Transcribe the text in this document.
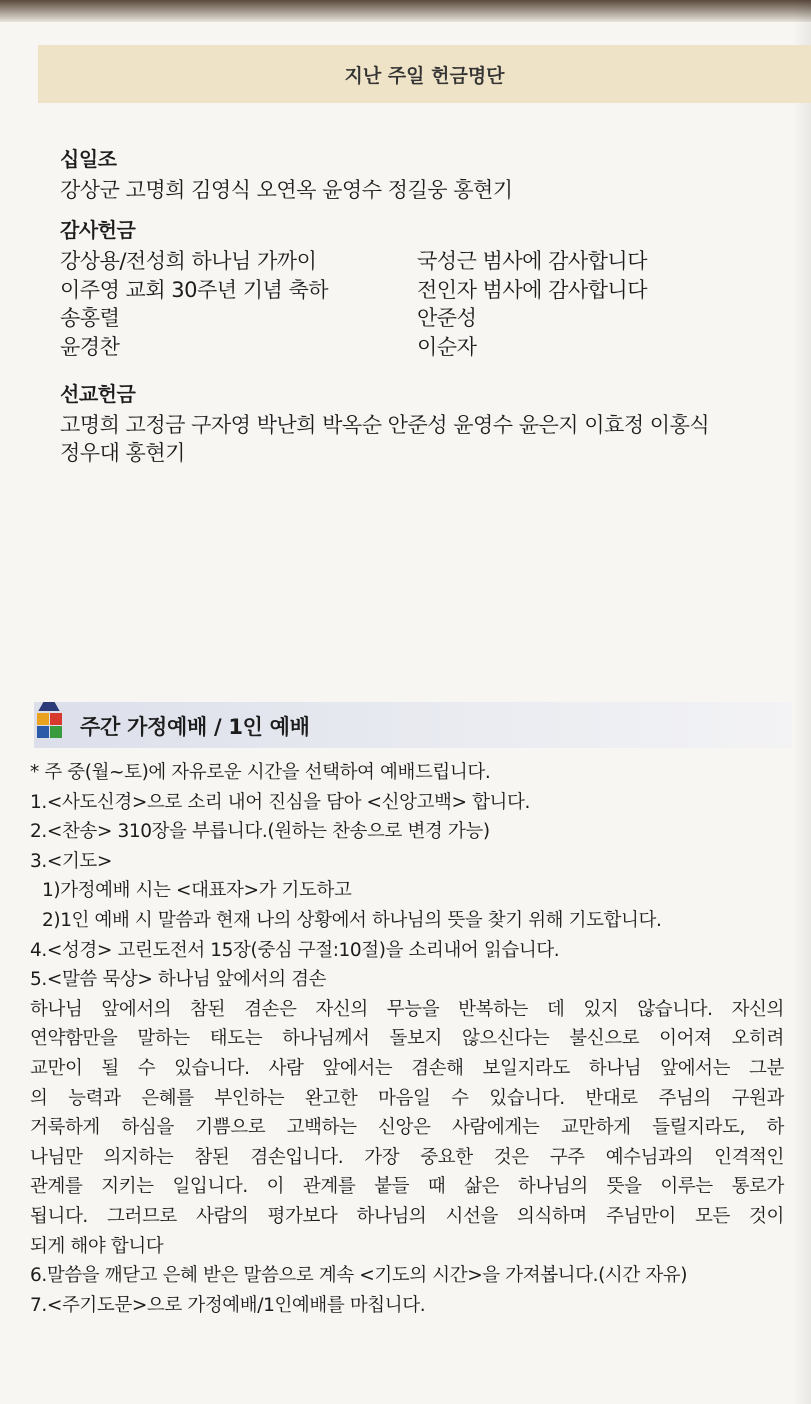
지난 주일 헌금명단
십일조
강상군 고명희 김영식 오연옥 윤영수 정길웅 홍현기
감사헌금
강상용/전성희 하나님 가까이	국성근 범사에 감사합니다
이주영 교회 30주년 기념 축하	전인자 범사에 감사합니다
송홍렬	안준성
윤경찬	이순자
선교헌금
고명희 고정금 구자영 박난희 박옥순 안준성 윤영수 윤은지 이효정 이홍식
정우대 홍현기
주간 가정예배 / 1인 예배
* 주 중(월~토)에 자유로운 시간을 선택하여 예배드립니다.
1.<사도신경>으로 소리 내어 진심을 담아 <신앙고백> 합니다.
2.<찬송> 310장을 부릅니다.(원하는 찬송으로 변경 가능)
3.<기도>
1)가정예배 시는 <대표자>가 기도하고
2)1인 예배 시 말씀과 현재 나의 상황에서 하나님의 뜻을 찾기 위해 기도합니다.
4.<성경> 고린도전서 15장(중심 구절:10절)을 소리내어 읽습니다.
5.<말씀 묵상> 하나님 앞에서의 겸손
하나님 앞에서의 참된 겸손은 자신의 무능을 반복하는 데 있지 않습니다. 자신의
연약함만을 말하는 태도는 하나님께서 돌보지 않으신다는 불신으로 이어져 오히려
교만이 될 수 있습니다. 사람 앞에서는 겸손해 보일지라도 하나님 앞에서는 그분
의 능력과 은혜를 부인하는 완고한 마음일 수 있습니다. 반대로 주님의 구원과
거룩하게 하심을 기쁨으로 고백하는 신앙은 사람에게는 교만하게 들릴지라도, 하
나님만 의지하는 참된 겸손입니다. 가장 중요한 것은 구주 예수님과의 인격적인
관계를 지키는 일입니다. 이 관계를 붙들 때 삶은 하나님의 뜻을 이루는 통로가
됩니다. 그러므로 사람의 평가보다 하나님의 시선을 의식하며 주님만이 모든 것이
되게 해야 합니다
6.말씀을 깨닫고 은혜 받은 말씀으로 계속 <기도의 시간>을 가져봅니다.(시간 자유)
7.<주기도문>으로 가정예배/1인예배를 마칩니다.
